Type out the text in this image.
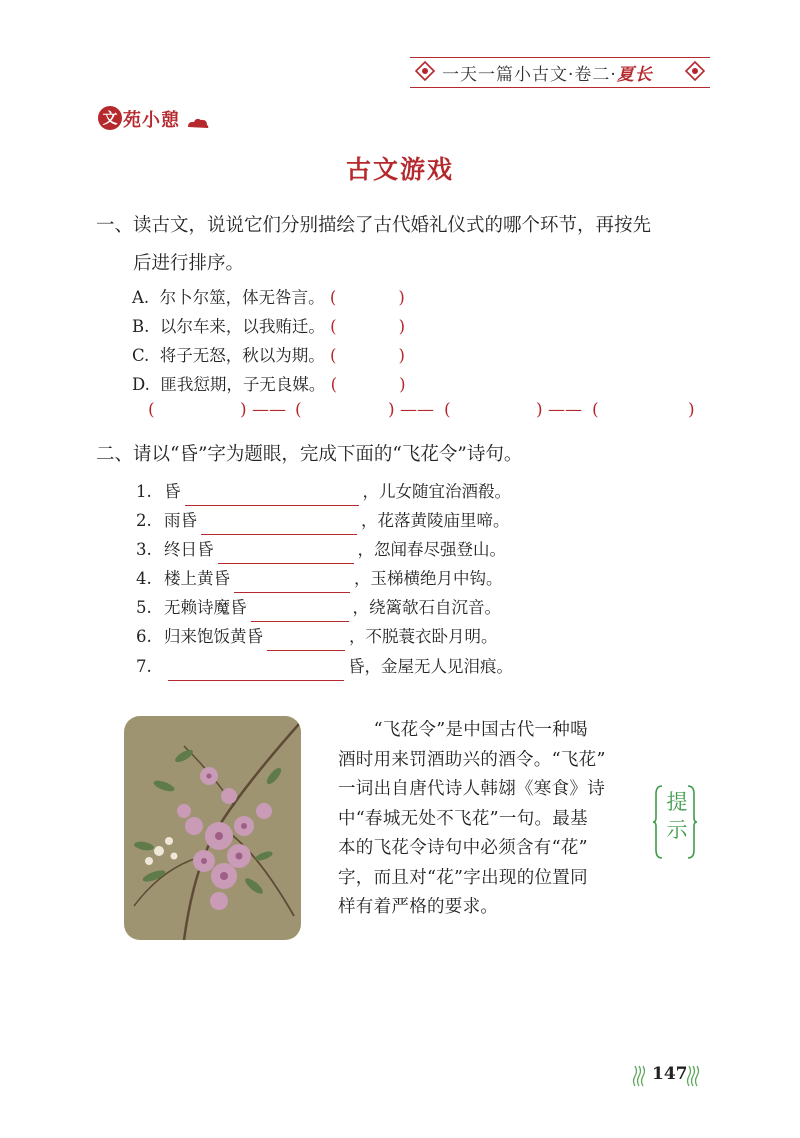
一天一篇小古文·卷二·夏长
文 苑小憩
古文游戏
一、读古文，说说它们分别描绘了古代婚礼仪式的哪个环节，再按先
后进行排序。
A. 尔卜尔筮，体无咎言。 (	)
B. 以尔车来，以我贿迁。 (	)
C. 将子无怒，秋以为期。 (	)
D. 匪我愆期，子无良媒。 (	)
(	) —— (	) —— (	) —— (	)
二、请以“昏”字为题眼，完成下面的“飞花令”诗句。
1. 昏	，儿女随宜治酒殽。
2. 雨昏	，花落黄陵庙里啼。
3. 终日昏	，忽闻春尽强登山。
4. 楼上黄昏	，玉梯横绝月中钩。
5. 无赖诗魔昏	，绕篱欹石自沉音。
6. 归来饱饭黄昏	，不脱蓑衣卧月明。
7.	昏，金屋无人见泪痕。
　　“飞花令”是中国古代一种喝
酒时用来罚酒助兴的酒令。“飞花”
一词出自唐代诗人韩翃《寒食》诗
中“春城无处不飞花”一句。最基
本的飞花令诗句中必须含有“花”
字，而且对“花”字出现的位置同
样有着严格的要求。
提
示
147
